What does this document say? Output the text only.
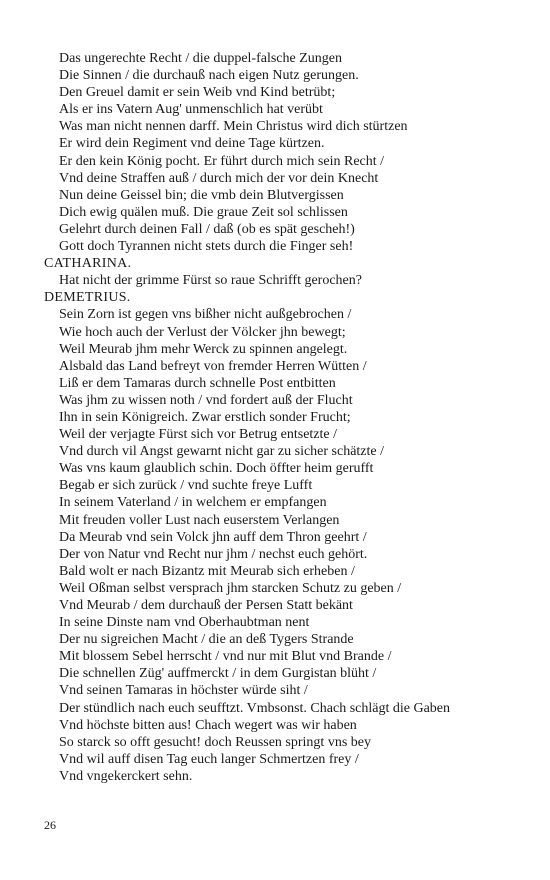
Das ungerechte Recht / die duppel-falsche Zungen
Die Sinnen / die durchauß nach eigen Nutz gerungen.
Den Greuel damit er sein Weib vnd Kind betrübt;
Als er ins Vatern Aug' unmenschlich hat verübt
Was man nicht nennen darff. Mein Christus wird dich stürtzen
Er wird dein Regiment vnd deine Tage kürtzen.
Er den kein König pocht. Er führt durch mich sein Recht /
Vnd deine Straffen auß / durch mich der vor dein Knecht
Nun deine Geissel bin; die vmb dein Blutvergissen
Dich ewig quälen muß. Die graue Zeit sol schlissen
Gelehrt durch deinen Fall / daß (ob es spät gescheh!)
Gott doch Tyrannen nicht stets durch die Finger seh!
CATHARINA.
Hat nicht der grimme Fürst so raue Schrifft gerochen?
DEMETRIUS.
Sein Zorn ist gegen vns bißher nicht außgebrochen /
Wie hoch auch der Verlust der Völcker jhn bewegt;
Weil Meurab jhm mehr Werck zu spinnen angelegt.
Alsbald das Land befreyt von fremder Herren Wütten /
Liß er dem Tamaras durch schnelle Post entbitten
Was jhm zu wissen noth / vnd fordert auß der Flucht
Ihn in sein Königreich. Zwar erstlich sonder Frucht;
Weil der verjagte Fürst sich vor Betrug entsetzte /
Vnd durch vil Angst gewarnt nicht gar zu sicher schätzte /
Was vns kaum glaublich schin. Doch öffter heim gerufft
Begab er sich zurück / vnd suchte freye Lufft
In seinem Vaterland / in welchem er empfangen
Mit freuden voller Lust nach euserstem Verlangen
Da Meurab vnd sein Volck jhn auff dem Thron geehrt /
Der von Natur vnd Recht nur jhm / nechst euch gehört.
Bald wolt er nach Bizantz mit Meurab sich erheben /
Weil Oßman selbst versprach jhm starcken Schutz zu geben /
Vnd Meurab / dem durchauß der Persen Statt bekänt
In seine Dinste nam vnd Oberhaubtman nent
Der nu sigreichen Macht / die an deß Tygers Strande
Mit blossem Sebel herrscht / vnd nur mit Blut vnd Brande /
Die schnellen Züg' auffmerckt / in dem Gurgistan blüht /
Vnd seinen Tamaras in höchster würde siht /
Der stündlich nach euch seufftzt. Vmbsonst. Chach schlägt die Gaben
Vnd höchste bitten aus! Chach wegert was wir haben
So starck so offt gesucht! doch Reussen springt vns bey
Vnd wil auff disen Tag euch langer Schmertzen frey /
Vnd vngekerckert sehn.
26
